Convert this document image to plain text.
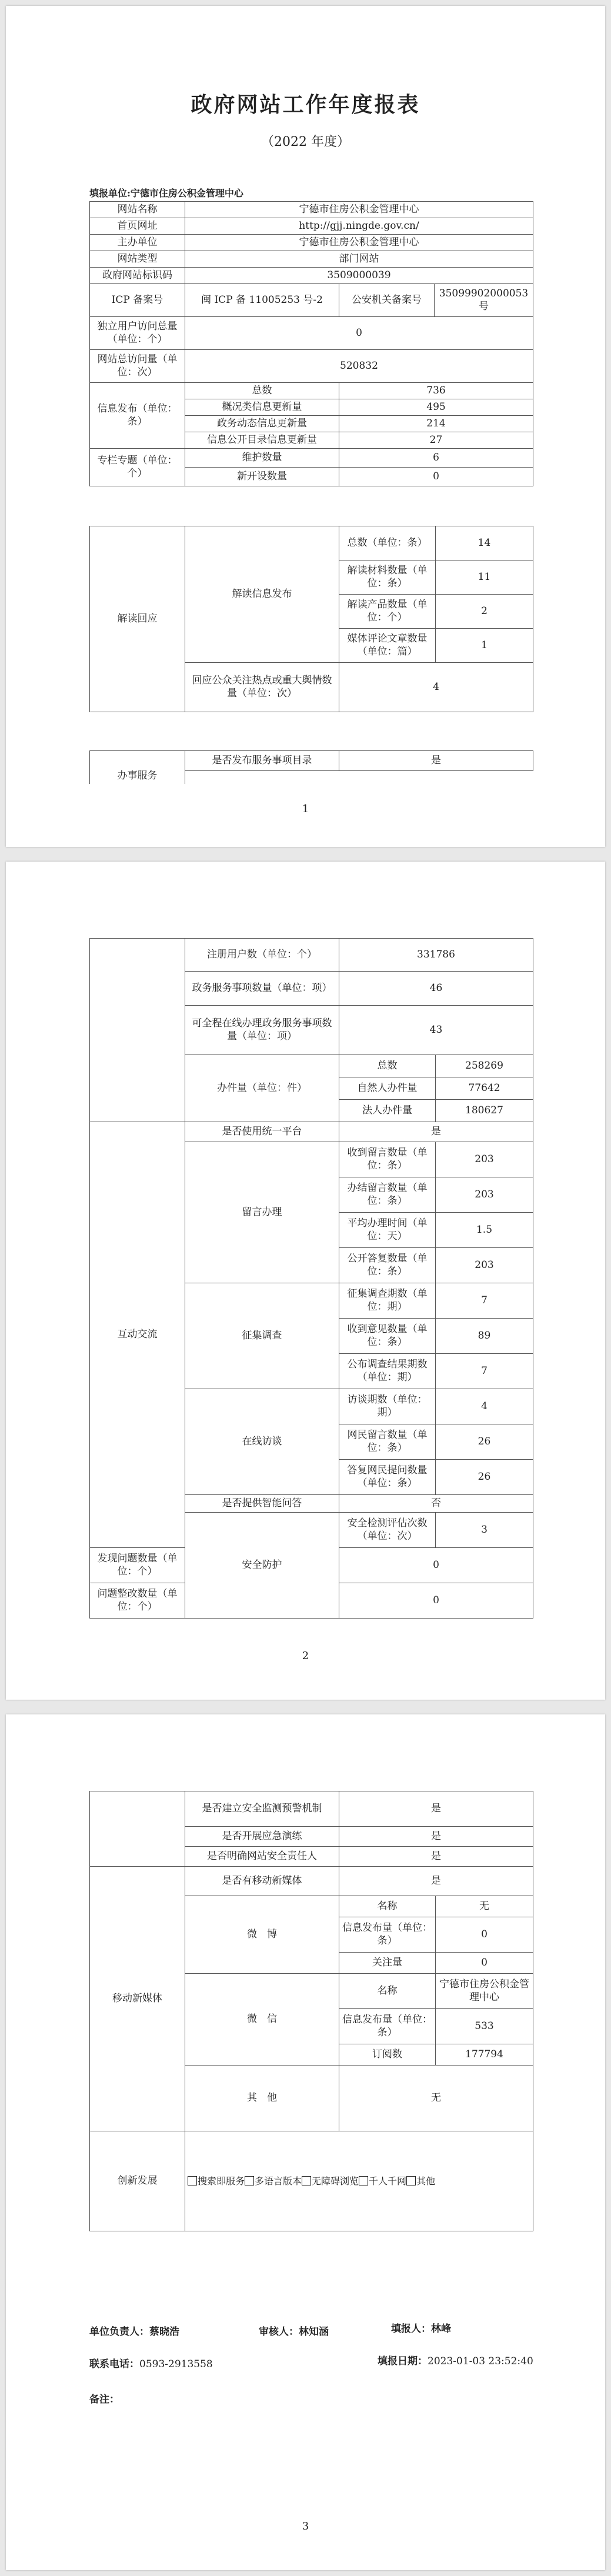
政府网站工作年度报表
（2022 年度）
填报单位:宁德市住房公积金管理中心
网站名称	宁德市住房公积金管理中心		
首页网址	http://gjj.ningde.gov.cn/		
主办单位	宁德市住房公积金管理中心		
网站类型	部门网站		
政府网站标识码	3509000039		
ICP 备案号	闽 ICP 备 11005253 号-2	公安机关备案号	35099902000053 号
独立用户访问总量（单位：个）	0		
网站总访问量（单位：次）	520832		
信息发布（单位：条）	总数	736
	概况类信息更新量	495
	政务动态信息更新量	214
	信息公开目录信息更新量	27
专栏专题（单位：个）	维护数量	6
	新开设数量	0
解读回应	解读信息发布	总数（单位：条）	14
		解读材料数量（单位：条）	11
		解读产品数量（单位：个）	2
		媒体评论文章数量（单位：篇）	1
	回应公众关注热点或重大舆情数量（单位：次）	4	
办事服务	是否发布服务事项目录	是

1
	注册用户数（单位：个）	331786	
	政务服务事项数量（单位：项）	46	
	可全程在线办理政务服务事项数量（单位：项）	43	
	办件量（单位：件）	总数	258269
		自然人办件量	77642
		法人办件量	180627
互动交流	是否使用统一平台	是	
	留言办理	收到留言数量（单位：条）	203
		办结留言数量（单位：条）	203
		平均办理时间（单位：天）	1.5
		公开答复数量（单位：条）	203
	征集调查	征集调查期数（单位：期）	7
		收到意见数量（单位：条）	89
		公布调查结果期数（单位：期）	7
	在线访谈	访谈期数（单位：期）	4
		网民留言数量（单位：条）	26
		答复网民提问数量（单位：条）	26
	是否提供智能问答	否	
	安全防护	安全检测评估次数（单位：次）	3
发现问题数量（单位：个）		0	
问题整改数量（单位：个）		0	
2
	是否建立安全监测预警机制	是	
	是否开展应急演练	是	
	是否明确网站安全责任人	是	
移动新媒体	是否有移动新媒体	是	
	微　博	名称	无
		信息发布量（单位：条）	0
		关注量	0
	微　信	名称	宁德市住房公积金管理中心
		信息发布量（单位：条）	533
		订阅数	177794
	其　他	无	
创新发展	搜索即服务 多语言版本 无障碍浏览 千人千网 其他		
单位负责人：蔡晓浩	审核人：林知涵	填报人：林峰
联系电话：0593-2913558	填报日期：2023-01-03 23:52:40
备注：
3
